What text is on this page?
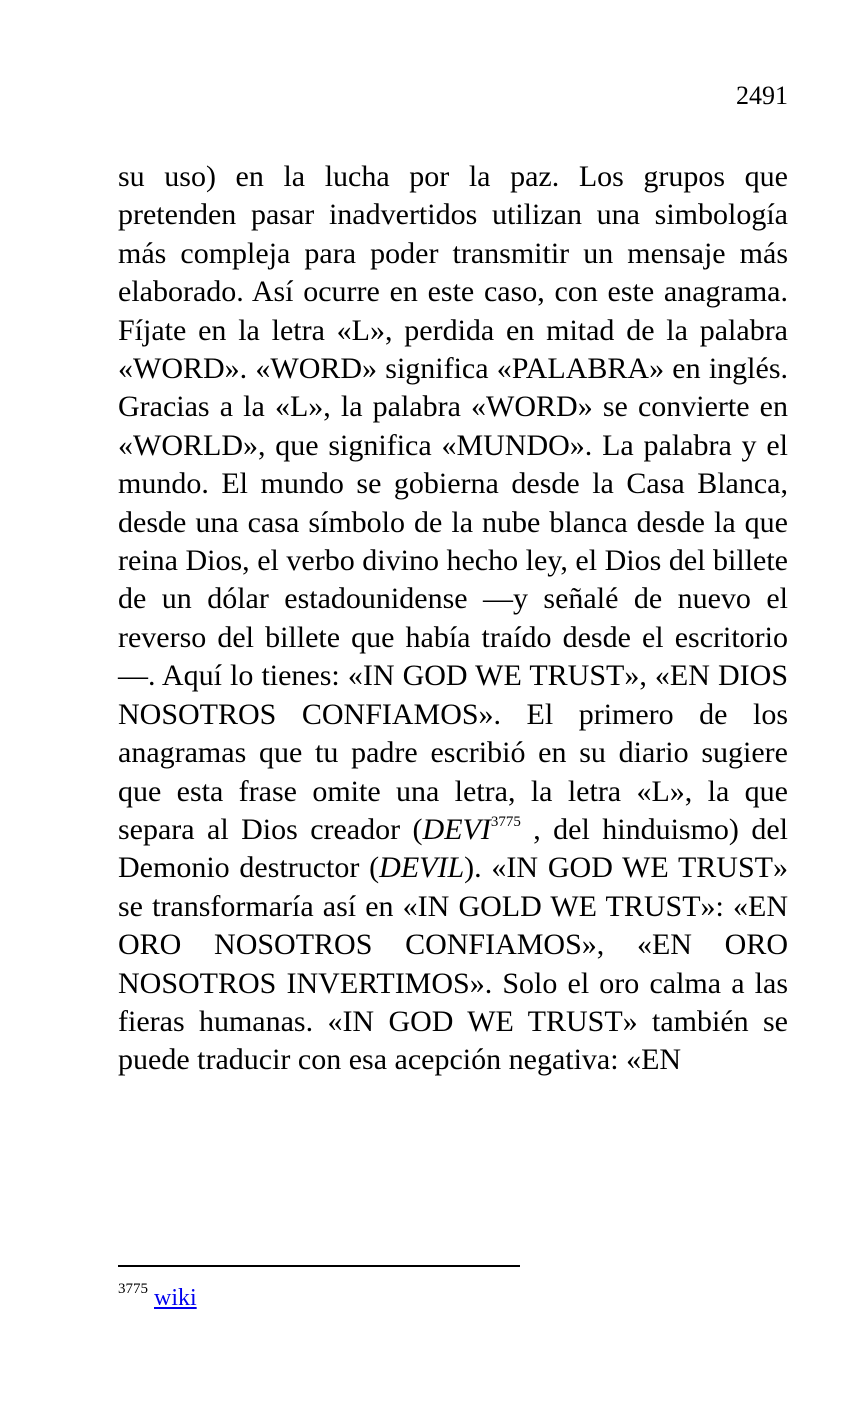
2491

su uso) en la lucha por la paz. Los grupos que pretenden pasar inadvertidos utilizan una simbología más compleja para poder transmitir un mensaje más elaborado. Así ocurre en este caso, con este anagrama. Fíjate en la letra «L», perdida en mitad de la palabra «WORD». «WORD» significa «PALABRA» en inglés. Gracias a la «L», la palabra «WORD» se convierte en «WORLD», que significa «MUNDO». La palabra y el mundo. El mundo se gobierna desde la Casa Blanca, desde una casa símbolo de la nube blanca desde la que reina Dios, el verbo divino hecho ley, el Dios del billete de un dólar estadounidense —y señalé de nuevo el reverso del billete que había traído desde el escritorio—. Aquí lo tienes: «IN GOD WE TRUST», «EN DIOS NOSOTROS CONFIAMOS». El primero de los anagramas que tu padre escribió en su diario sugiere que esta frase omite una letra, la letra «L», la que separa al Dios creador ($DEVI^{3775}$ , del hinduismo) del Demonio destructor (DEVIL). «IN GOD WE TRUST» se transformaría así en «IN GOLD WE TRUST»: «EN ORO NOSOTROS CONFIAMOS», «EN ORO NOSOTROS INVERTIMOS». Solo el oro calma a las fieras humanas. «IN GOD WE TRUST» también se puede traducir con esa acepción negativa: «EN

$^{3775}$ wiki
